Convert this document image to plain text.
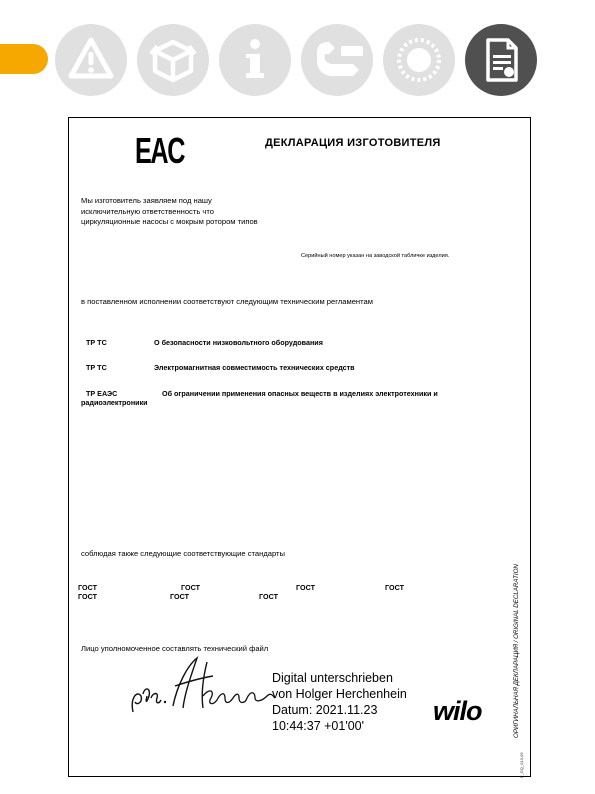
EAC	ДЕКЛАРАЦИЯ ИЗГОТОВИТЕЛЯ
Мы изготовитель заявляем под нашу
исключительную ответственность что
циркуляционные насосы с мокрым ротором типов
Серийный номер указан на заводской табличке изделия.
в поставленном исполнении соответствуют следующим техническим регламентам
ТР ТС	О безопасности низковольтного оборудования
ТР ТС	Электромагнитная совместимость технических средств
ТР ЕАЭС	Об ограничении применения опасных веществ в изделиях электротехники и
радиоэлектроники
соблюдая также следующие соответствующие стандарты
ГОСТ	ГОСТ	ГОСТ	ГОСТ
ГОСТ	ГОСТ	ГОСТ
Лицо уполномоченное составлять технический файл
Digital unterschrieben
von Holger Herchenhein
Datum: 2021.11.23
10:44:37 +01'00'	wilo	ОРИГИНАЛЬНАЯ ДЕКЛАРАЦИЯ / ORIGINAL DECLARATION
F_GQ_013-09
